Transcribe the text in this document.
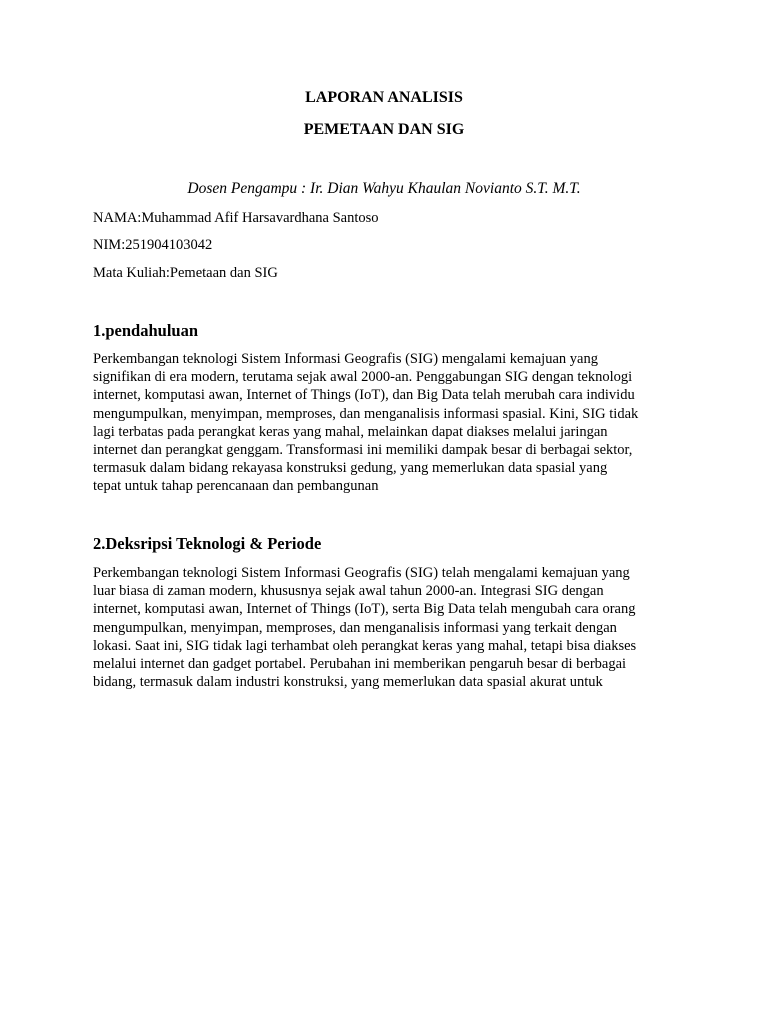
LAPORAN ANALISIS
PEMETAAN DAN SIG
Dosen Pengampu : Ir. Dian Wahyu Khaulan Novianto S.T. M.T.
NAMA:Muhammad Afif Harsavardhana Santoso
NIM:251904103042
Mata Kuliah:Pemetaan dan SIG
1.pendahuluan

Perkembangan teknologi Sistem Informasi Geografis (SIG) mengalami kemajuan yang
signifikan di era modern, terutama sejak awal 2000-an. Penggabungan SIG dengan teknologi
internet, komputasi awan, Internet of Things (IoT), dan Big Data telah merubah cara individu
mengumpulkan, menyimpan, memproses, dan menganalisis informasi spasial. Kini, SIG tidak
lagi terbatas pada perangkat keras yang mahal, melainkan dapat diakses melalui jaringan
internet dan perangkat genggam. Transformasi ini memiliki dampak besar di berbagai sektor,
termasuk dalam bidang rekayasa konstruksi gedung, yang memerlukan data spasial yang
tepat untuk tahap perencanaan dan pembangunan

2.Deksripsi Teknologi & Periode

Perkembangan teknologi Sistem Informasi Geografis (SIG) telah mengalami kemajuan yang
luar biasa di zaman modern, khususnya sejak awal tahun 2000-an. Integrasi SIG dengan
internet, komputasi awan, Internet of Things (IoT), serta Big Data telah mengubah cara orang
mengumpulkan, menyimpan, memproses, dan menganalisis informasi yang terkait dengan
lokasi. Saat ini, SIG tidak lagi terhambat oleh perangkat keras yang mahal, tetapi bisa diakses
melalui internet dan gadget portabel. Perubahan ini memberikan pengaruh besar di berbagai
bidang, termasuk dalam industri konstruksi, yang memerlukan data spasial akurat untuk
